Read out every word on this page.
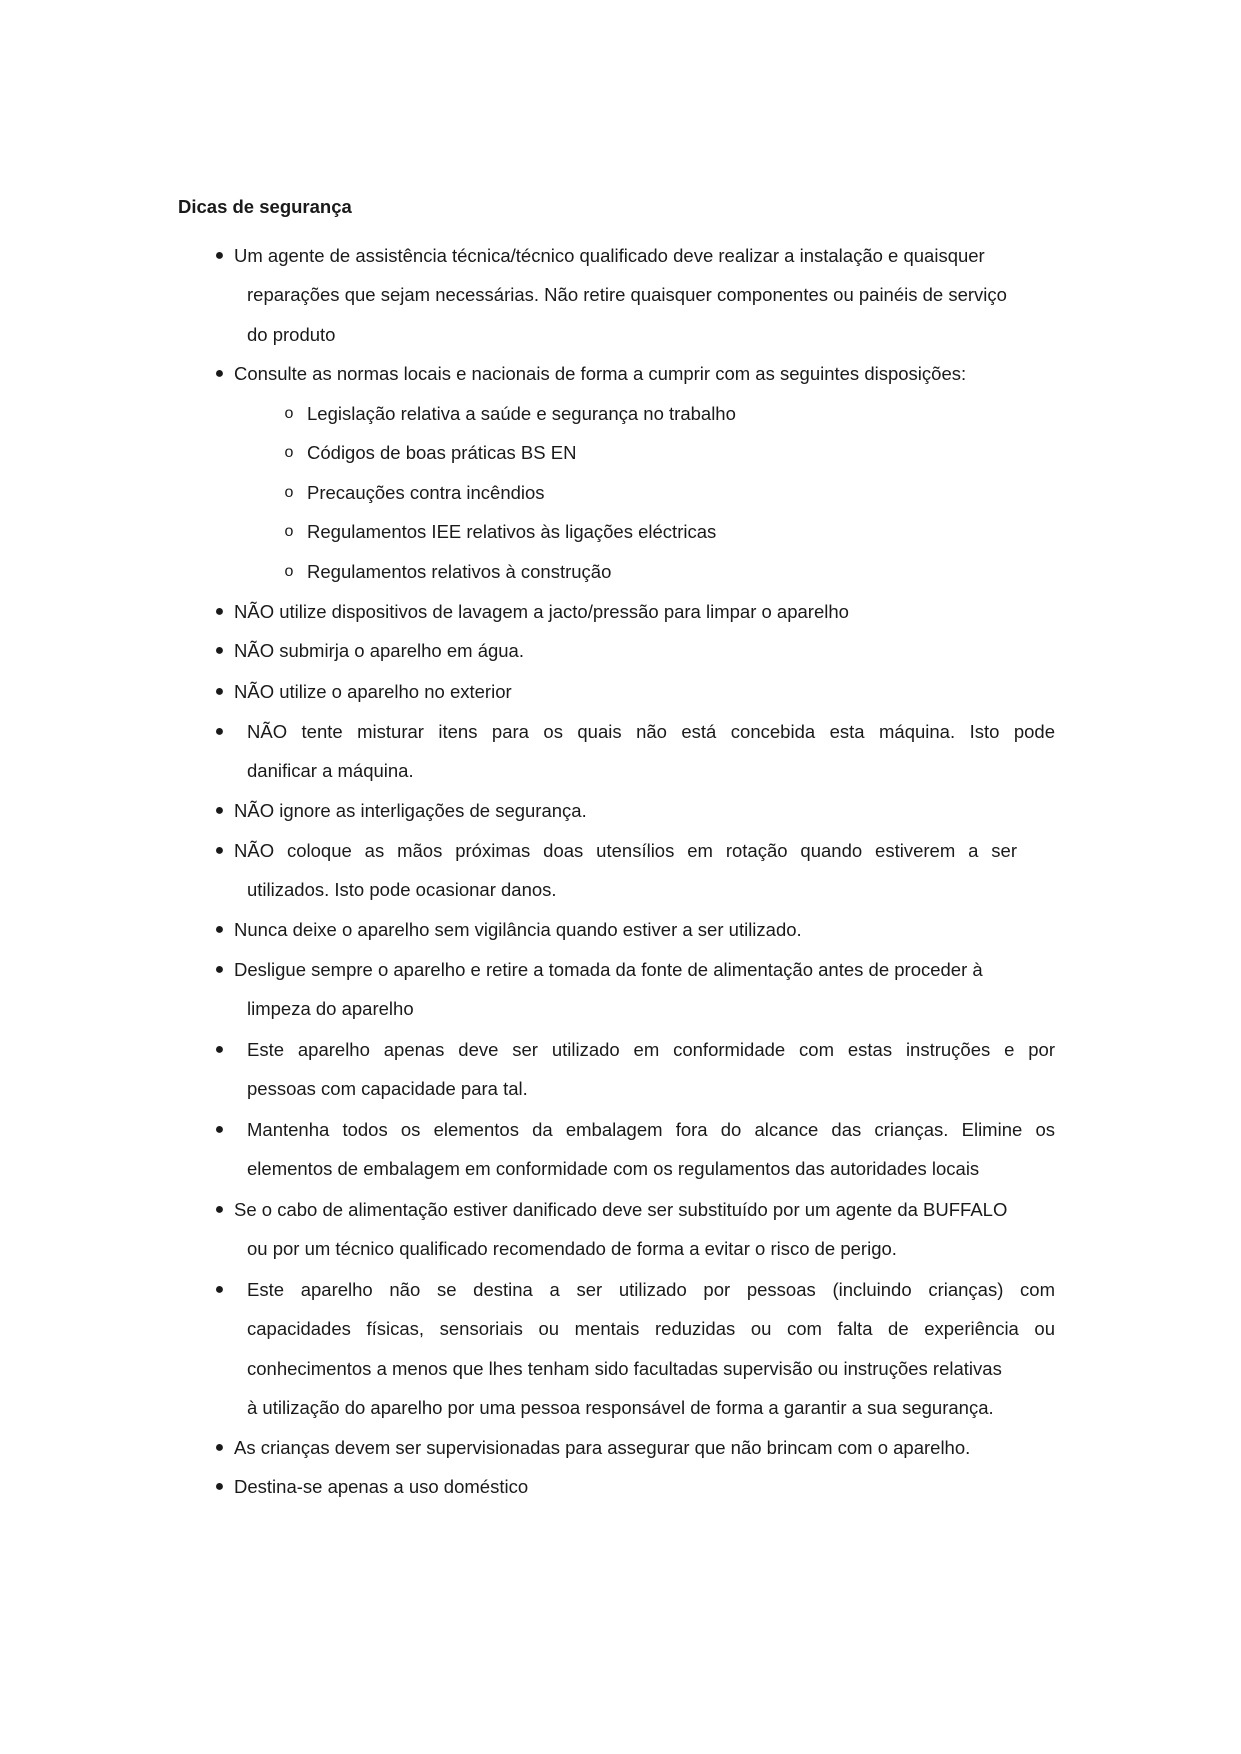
Dicas de segurança
● Um agente de assistência técnica/técnico qualificado deve realizar a instalação e quaisquer
reparações que sejam necessárias. Não retire quaisquer componentes ou painéis de serviço
do produto
● Consulte as normas locais e nacionais de forma a cumprir com as seguintes disposições:
o Legislação relativa a saúde e segurança no trabalho
o Códigos de boas práticas BS EN
o Precauções contra incêndios
o Regulamentos IEE relativos às ligações eléctricas
o Regulamentos relativos à construção
● NÃO utilize dispositivos de lavagem a jacto/pressão para limpar o aparelho
● NÃO submirja o aparelho em água.
● NÃO utilize o aparelho no exterior
●	NÃO tente misturar itens para os quais não está concebida esta máquina. Isto pode
danificar a máquina.
● NÃO ignore as interligações de segurança.
● NÃO coloque as mãos próximas doas utensílios em rotação quando estiverem a ser
utilizados. Isto pode ocasionar danos.
● Nunca deixe o aparelho sem vigilância quando estiver a ser utilizado.
● Desligue sempre o aparelho e retire a tomada da fonte de alimentação antes de proceder à
limpeza do aparelho
●	Este aparelho apenas deve ser utilizado em conformidade com estas instruções e por
pessoas com capacidade para tal.
●	Mantenha todos os elementos da embalagem fora do alcance das crianças. Elimine os
elementos de embalagem em conformidade com os regulamentos das autoridades locais
● Se o cabo de alimentação estiver danificado deve ser substituído por um agente da BUFFALO
ou por um técnico qualificado recomendado de forma a evitar o risco de perigo.
●	Este aparelho não se destina a ser utilizado por pessoas (incluindo crianças) com
capacidades físicas, sensoriais ou mentais reduzidas ou com falta de experiência ou
conhecimentos a menos que lhes tenham sido facultadas supervisão ou instruções relativas
à utilização do aparelho por uma pessoa responsável de forma a garantir a sua segurança.
● As crianças devem ser supervisionadas para assegurar que não brincam com o aparelho.
● Destina-se apenas a uso doméstico
